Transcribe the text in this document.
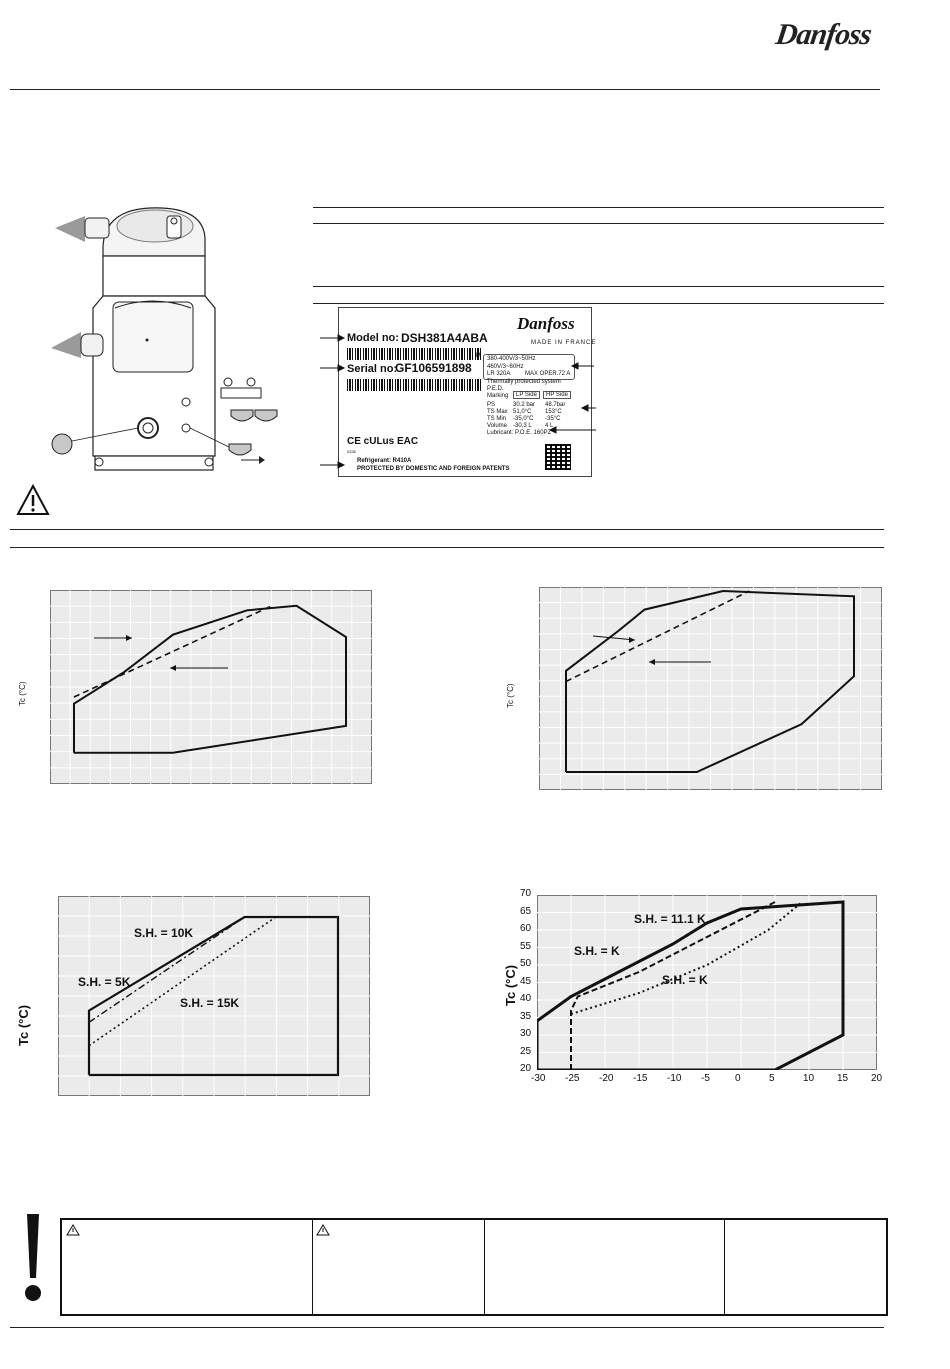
Danfoss
Model no: DSH381A4ABA
Serial no:
GF106591898
Danfoss
MADE IN FRANCE
M 380-400V/3~50Hz
460V/3~60Hz
LR 320A MAX OPER.72 A
Thermally protected system
P.E.D.
Marking	LP Side	HP Side
PS	30.2 bar 48.7bar
TS Max 51,0°C 153°C
TS Min -35,0°C -35°C
Volume -30,3 L 4 L
Lubricant: P.O.E. 160PZ
CE cULus EAC
0336
Refrigerant: R410A
PROTECTED BY DOMESTIC AND FOREIGN PATENTS
Tc (°C)	Tc (°C)
Tc (°C)
S.H. = 10K
S.H. = 5K
S.H. = 15K	Tc (°C)
S.H. = 11.1 K
S.H. = K
S.H. = K
-30 -25 -20 -15 -10 -5	0	5	10 15 20
20
25
30
35
40
45
50
55
60
65
70
